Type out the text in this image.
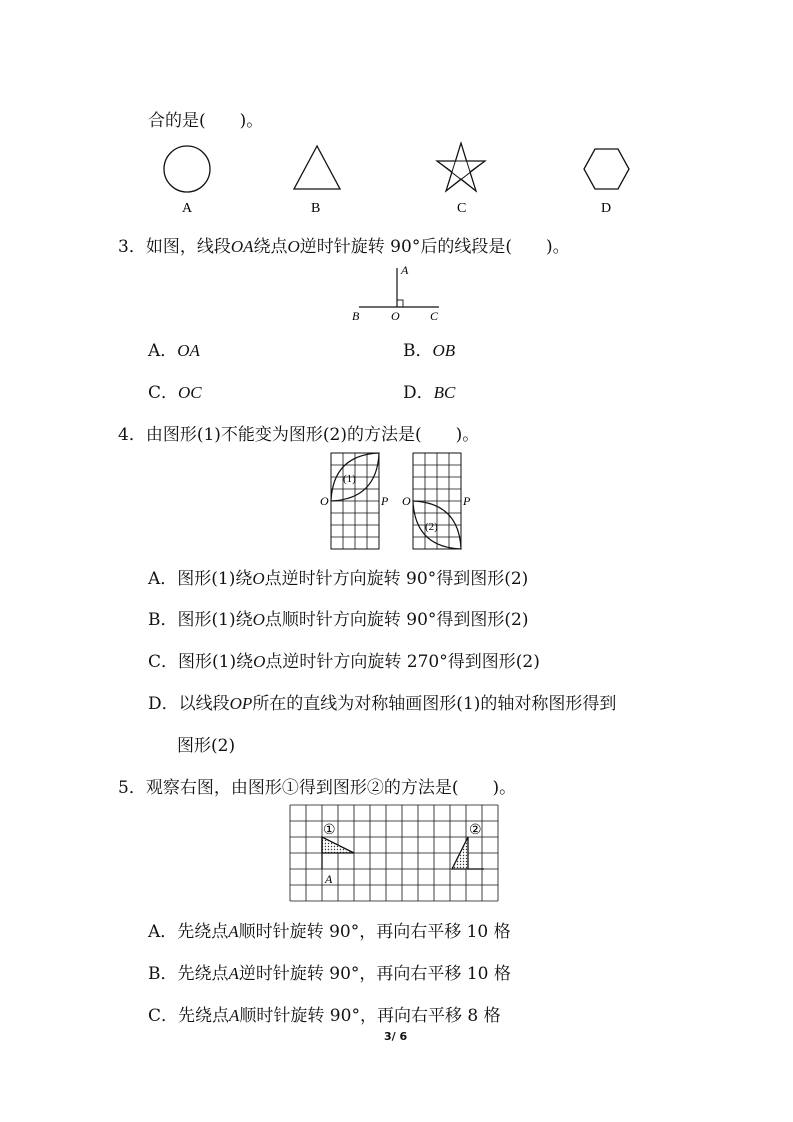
合的是(　　)。
A	B	C	D
3．如图，线段OA绕点O逆时针旋转 90°后的线段是(　　)。
A
B	O	C
A．OA	B．OB
C．OC	D．BC
4．由图形(1)不能变为图形(2)的方法是(　　)。
(1)
O	P
(2)
O	P
A．图形(1)绕O点逆时针方向旋转 90°得到图形(2)
B．图形(1)绕O点顺时针方向旋转 90°得到图形(2)
C．图形(1)绕O点逆时针方向旋转 270°得到图形(2)
D．以线段OP所在的直线为对称轴画图形(1)的轴对称图形得到
图形(2)
5．观察右图，由图形①得到图形②的方法是(　　)。
①	②
A
A．先绕点A顺时针旋转 90°，再向右平移 10 格
B．先绕点A逆时针旋转 90°，再向右平移 10 格
C．先绕点A顺时针旋转 90°，再向右平移 8 格
3/ 6
